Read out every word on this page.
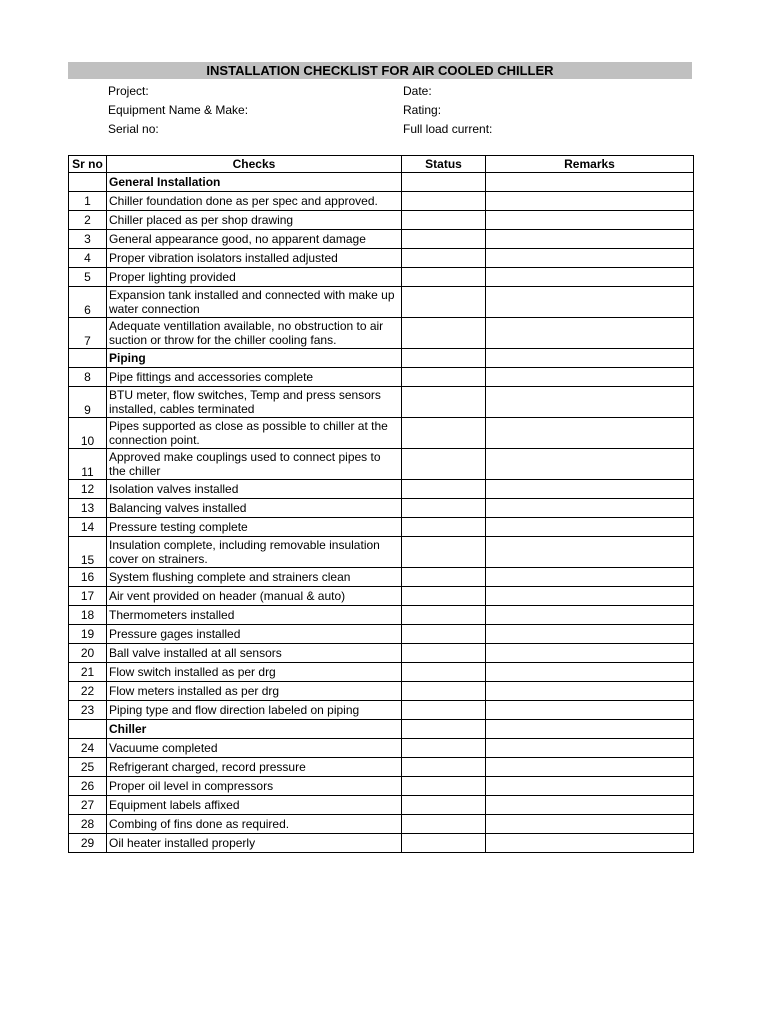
INSTALLATION CHECKLIST FOR AIR COOLED CHILLER
Project:
Equipment Name & Make:
Serial no:
Date:
Rating:
Full load current:
Sr no	Checks	Status	Remarks
	General Installation		
1	Chiller foundation done as per spec and approved.		
2	Chiller placed as per shop drawing		
3	General appearance good, no apparent damage		
4	Proper vibration isolators installed adjusted		
5	Proper lighting provided		
6	Expansion tank installed and connected with make up water connection		
7	Adequate ventillation available, no obstruction to air suction or throw for the chiller cooling fans.		
	Piping		
8	Pipe fittings and accessories complete		
9	BTU meter, flow switches, Temp and press sensors installed, cables terminated		
10	Pipes supported as close as possible to chiller at the connection point.		
11	Approved make couplings used to connect pipes to the chiller		
12	Isolation valves installed		
13	Balancing valves installed		
14	Pressure testing complete		
15	Insulation complete, including removable insulation cover on strainers.		
16	System flushing complete and strainers clean		
17	Air vent provided on header (manual & auto)		
18	Thermometers installed		
19	Pressure gages installed		
20	Ball valve installed at all sensors		
21	Flow switch installed as per drg		
22	Flow meters installed as per drg		
23	Piping type and flow direction labeled on piping		
	Chiller		
24	Vacuume completed		
25	Refrigerant charged, record pressure		
26	Proper oil level in compressors		
27	Equipment labels affixed		
28	Combing of fins done as required.		
29	Oil heater installed properly		
